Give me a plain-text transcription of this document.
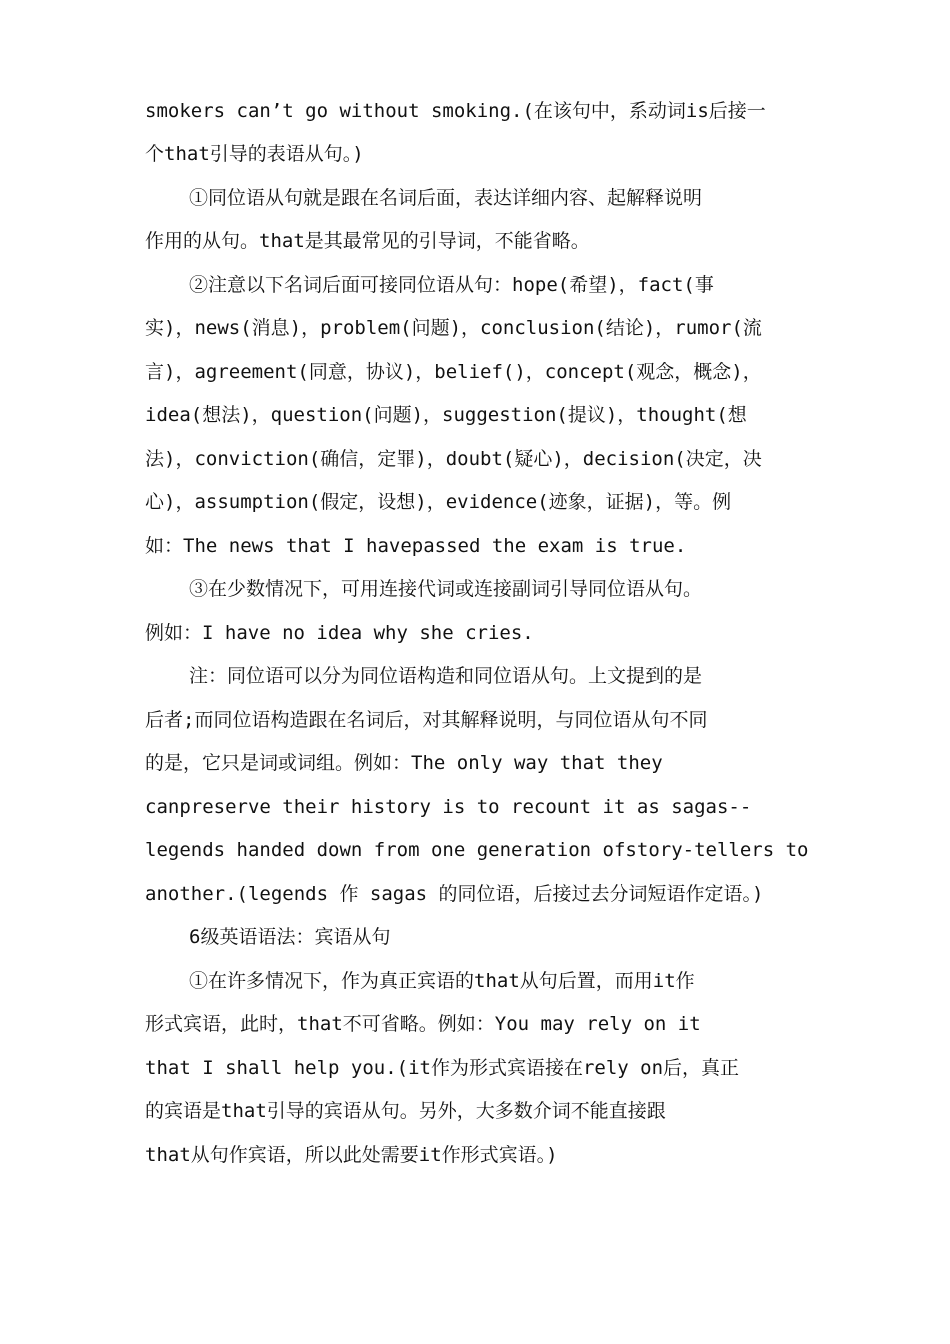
smokers can’t go without smoking.(在该句中，系动词is后接一
个that引导的表语从句。)
①同位语从句就是跟在名词后面，表达详细内容、起解释说明
作用的从句。that是其最常见的引导词，不能省略。
②注意以下名词后面可接同位语从句：hope(希望)，fact(事
实)，news(消息)，problem(问题)，conclusion(结论)，rumor(流
言)，agreement(同意，协议)，belief()，concept(观念，概念)，
idea(想法)，question(问题)，suggestion(提议)，thought(想
法)，conviction(确信，定罪)，doubt(疑心)，decision(决定，决
心)，assumption(假定，设想)，evidence(迹象，证据)，等。例
如：The news that I havepassed the exam is true.
③在少数情况下，可用连接代词或连接副词引导同位语从句。
例如：I have no idea why she cries.
注：同位语可以分为同位语构造和同位语从句。上文提到的是
后者;而同位语构造跟在名词后，对其解释说明，与同位语从句不同
的是，它只是词或词组。例如：The only way that they
canpreserve their history is to recount it as sagas--
legends handed down from one generation ofstory-tellers to
another.(legends 作 sagas 的同位语，后接过去分词短语作定语。)
6级英语语法：宾语从句
①在许多情况下，作为真正宾语的that从句后置，而用it作
形式宾语，此时，that不可省略。例如：You may rely on it
that I shall help you.(it作为形式宾语接在rely on后，真正
的宾语是that引导的宾语从句。另外，大多数介词不能直接跟
that从句作宾语，所以此处需要it作形式宾语。)
